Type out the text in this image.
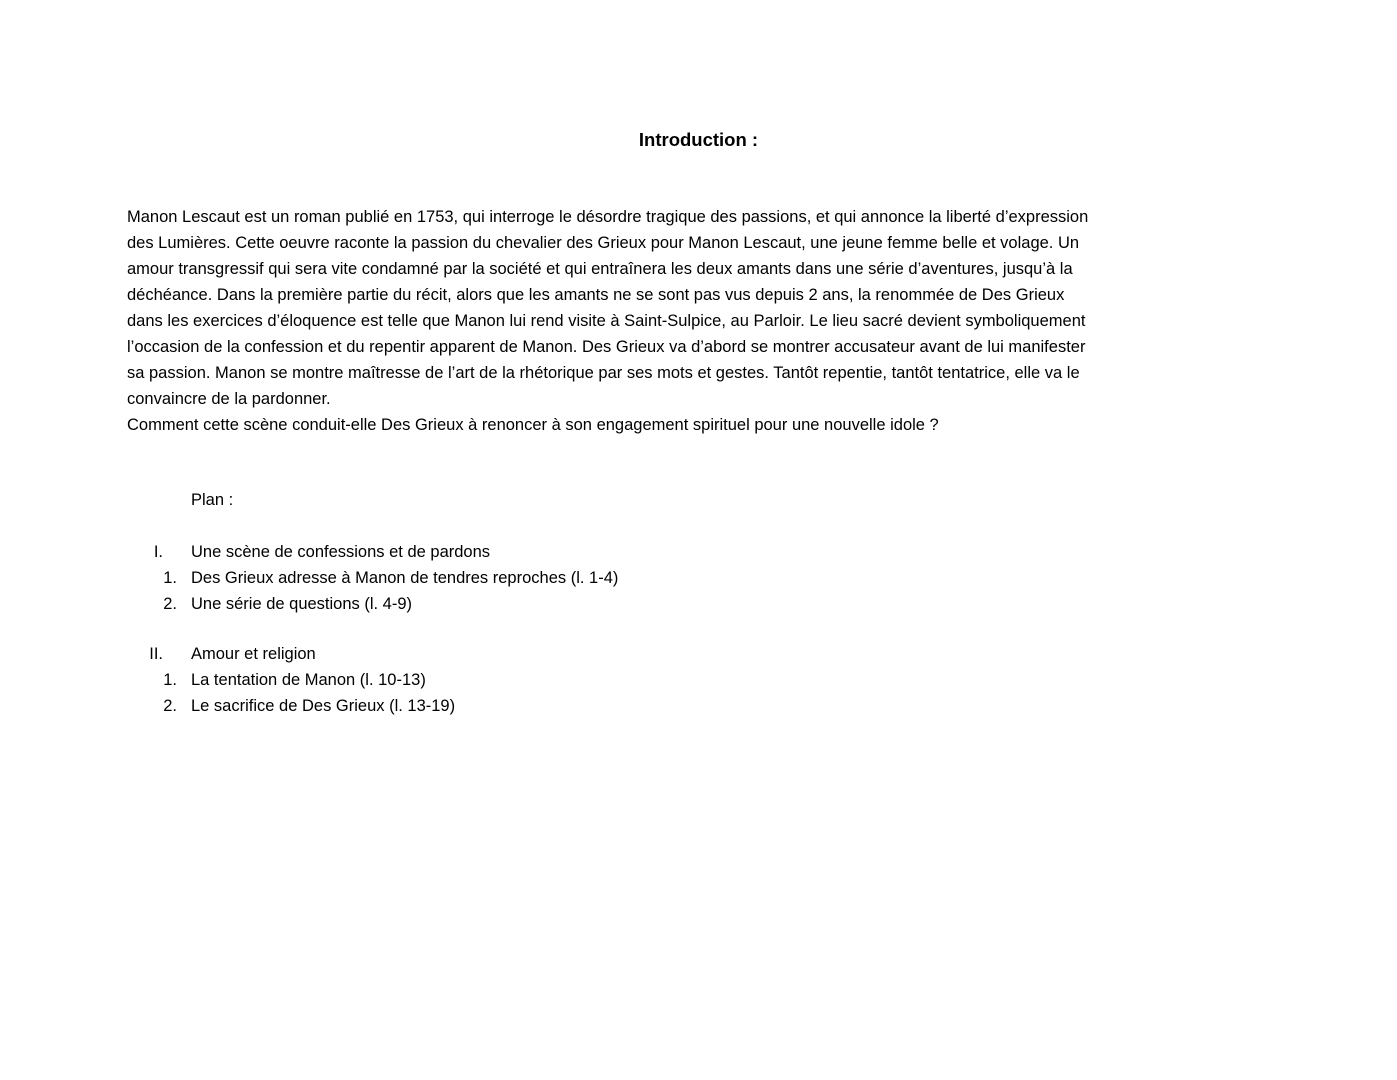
Introduction :
Manon Lescaut est un roman publié en 1753, qui interroge le désordre tragique des passions, et qui annonce la liberté d’expression
des Lumières. Cette oeuvre raconte la passion du chevalier des Grieux pour Manon Lescaut, une jeune femme belle et volage. Un
amour transgressif qui sera vite condamné par la société et qui entraînera les deux amants dans une série d’aventures, jusqu’à la
déchéance. Dans la première partie du récit, alors que les amants ne se sont pas vus depuis 2 ans, la renommée de Des Grieux
dans les exercices d’éloquence est telle que Manon lui rend visite à Saint-Sulpice, au Parloir. Le lieu sacré devient symboliquement
l’occasion de la confession et du repentir apparent de Manon. Des Grieux va d’abord se montrer accusateur avant de lui manifester
sa passion. Manon se montre maîtresse de l’art de la rhétorique par ses mots et gestes. Tantôt repentie, tantôt tentatrice, elle va le
convaincre de la pardonner.
Comment cette scène conduit-elle Des Grieux à renoncer à son engagement spirituel pour une nouvelle idole ?
Plan :
I. Une scène de confessions et de pardons
1. Des Grieux adresse à Manon de tendres reproches (l. 1-4)
2. Une série de questions (l. 4-9)
II. Amour et religion
1. La tentation de Manon (l. 10-13)
2. Le sacrifice de Des Grieux (l. 13-19)
